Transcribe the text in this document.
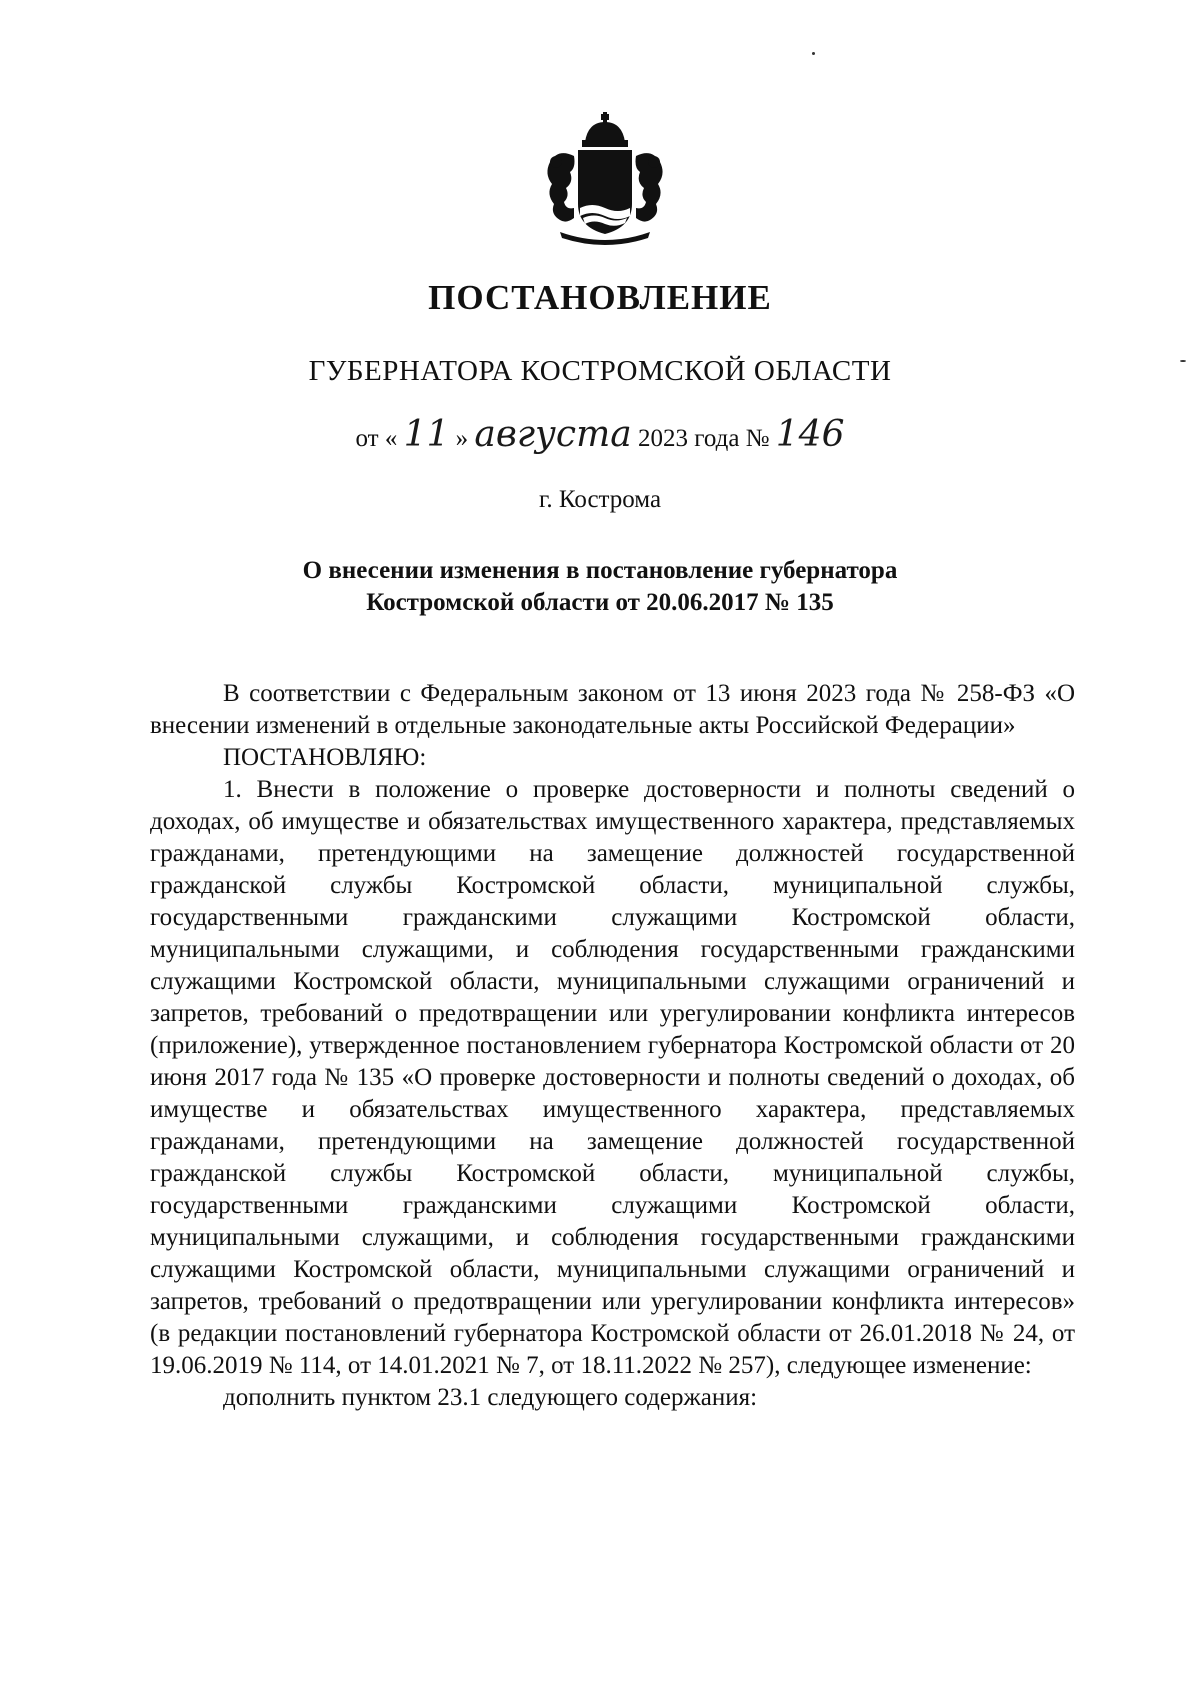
ПОСТАНОВЛЕНИЕ
ГУБЕРНАТОРА КОСТРОМСКОЙ ОБЛАСТИ
от « 11 » августа 2023 года № 146
г. Кострома
О внесении изменения в постановление губернатора
Костромской области от 20.06.2017 № 135

В соответствии с Федеральным законом от 13 июня 2023 года № 258-ФЗ «О внесении изменений в отдельные законодательные акты Российской Федерации»

ПОСТАНОВЛЯЮ:

1. Внести в положение о проверке достоверности и полноты сведений о доходах, об имуществе и обязательствах имущественного характера, представляемых гражданами, претендующими на замещение должностей государственной гражданской службы Костромской области, муниципальной службы, государственными гражданскими служащими Костромской области, муниципальными служащими, и соблюдения государственными гражданскими служащими Костромской области, муниципальными служащими ограничений и запретов, требований о предотвращении или урегулировании конфликта интересов (приложение), утвержденное постановлением губернатора Костромской области от 20 июня 2017 года № 135 «О проверке достоверности и полноты сведений о доходах, об имуществе и обязательствах имущественного характера, представляемых гражданами, претендующими на замещение должностей государственной гражданской службы Костромской области, муниципальной службы, государственными гражданскими служащими Костромской области, муниципальными служащими, и соблюдения государственными гражданскими служащими Костромской области, муниципальными служащими ограничений и запретов, требований о предотвращении или урегулировании конфликта интересов» (в редакции постановлений губернатора Костромской области от 26.01.2018 № 24, от 19.06.2019 № 114, от 14.01.2021 № 7, от 18.11.2022 № 257), следующее изменение:

дополнить пунктом 23.1 следующего содержания:
